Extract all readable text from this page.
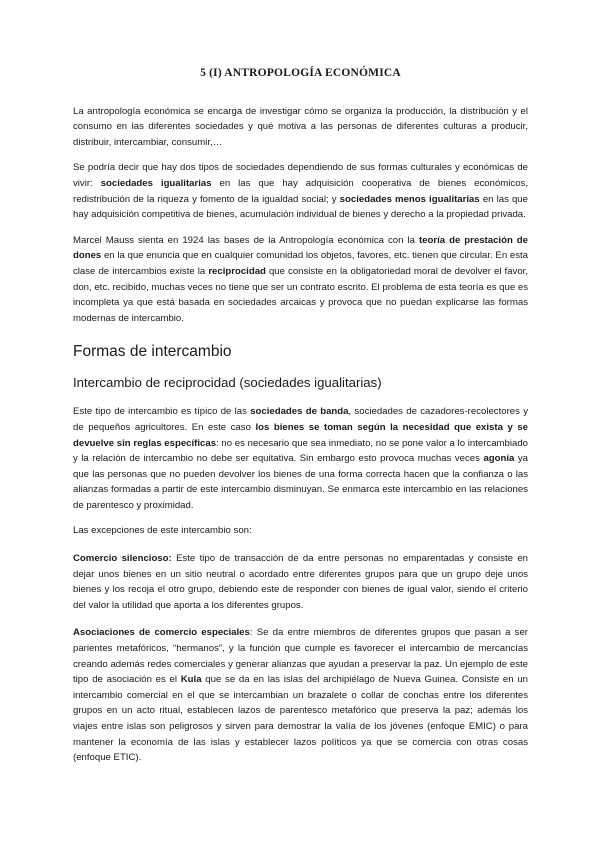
5 (I) ANTROPOLOGÍA ECONÓMICA

La antropología económica se encarga de investigar cómo se organiza la producción, la distribución y el consumo en las diferentes sociedades y qué motiva a las personas de diferentes culturas a producir, distribuir, intercambiar, consumir,…

Se podría decir que hay dos tipos de sociedades dependiendo de sus formas culturales y económicas de vivir: sociedades igualitarias en las que hay adquisición cooperativa de bienes económicos, redistribución de la riqueza y fomento de la igualdad social; y sociedades menos igualitarias en las que hay adquisición competitiva de bienes, acumulación individual de bienes y derecho a la propiedad privada.

Marcel Mauss sienta en 1924 las bases de la Antropología económica con la teoría de prestación de dones en la que enuncia que en cualquier comunidad los objetos, favores, etc. tienen que circular. En esta clase de intercambios existe la reciprocidad que consiste en la obligatoriedad moral de devolver el favor, don, etc. recibido, muchas veces no tiene que ser un contrato escrito. El problema de esta teoría es que es incompleta ya que está basada en sociedades arcaicas y provoca que no puedan explicarse las formas modernas de intercambio.

Formas de intercambio
Intercambio de reciprocidad (sociedades igualitarias)

Este tipo de intercambio es típico de las sociedades de banda, sociedades de cazadores-recolectores y de pequeños agricultores. En este caso los bienes se toman según la necesidad que exista y se devuelve sin reglas específicas: no es necesario que sea inmediato, no se pone valor a lo intercambiado y la relación de intercambio no debe ser equitativa. Sin embargo esto provoca muchas veces agonía ya que las personas que no pueden devolver los bienes de una forma correcta hacen que la confianza o las alianzas formadas a partir de este intercambio disminuyan. Se enmarca este intercambio en las relaciones de parentesco y proximidad.

Las excepciones de este intercambio son:

Comercio silencioso: Este tipo de transacción de da entre personas no emparentadas y consiste en dejar unos bienes en un sitio neutral o acordado entre diferentes grupos para que un grupo deje unos bienes y los recoja el otro grupo, debiendo este de responder con bienes de igual valor, siendo el criterio del valor la utilidad que aporta a los diferentes grupos.

Asociaciones de comercio especiales: Se da entre miembros de diferentes grupos que pasan a ser parientes metafóricos, “hermanos”, y la función que cumple es favorecer el intercambio de mercancías creando además redes comerciales y generar alianzas que ayudan a preservar la paz. Un ejemplo de este tipo de asociación es el Kula que se da en las islas del archipiélago de Nueva Guinea. Consiste en un intercambio comercial en el que se intercambian un brazalete o collar de conchas entre los diferentes grupos en un acto ritual, establecen lazos de parentesco metafórico que preserva la paz; además los viajes entre islas son peligrosos y sirven para demostrar la valía de los jóvenes (enfoque EMIC) o para mantener la economía de las islas y establecer lazos políticos ya que se comercia con otras cosas (enfoque ETIC).
